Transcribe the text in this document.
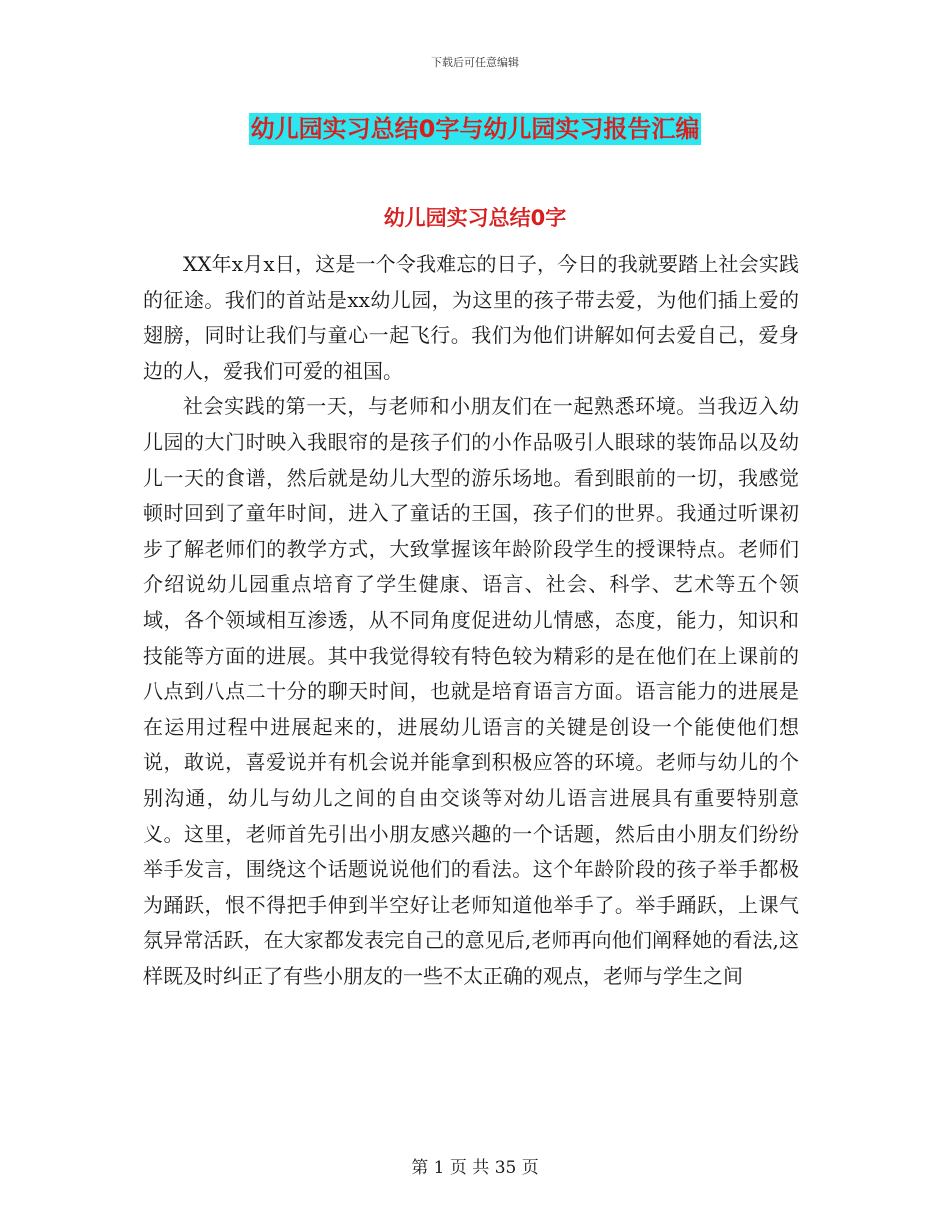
下载后可任意编辑
幼儿园实习总结0字与幼儿园实习报告汇编
幼儿园实习总结0字

XX年x月x日，这是一个令我难忘的日子，今日的我就要踏上社会实践的征途。我们的首站是xx幼儿园，为这里的孩子带去爱，为他们插上爱的翅膀，同时让我们与童心一起飞行。我们为他们讲解如何去爱自己，爱身边的人，爱我们可爱的祖国。

社会实践的第一天，与老师和小朋友们在一起熟悉环境。当我迈入幼儿园的大门时映入我眼帘的是孩子们的小作品吸引人眼球的装饰品以及幼儿一天的食谱，然后就是幼儿大型的游乐场地。看到眼前的一切，我感觉顿时回到了童年时间，进入了童话的王国，孩子们的世界。我通过听课初步了解老师们的教学方式，大致掌握该年龄阶段学生的授课特点。老师们介绍说幼儿园重点培育了学生健康、语言、社会、科学、艺术等五个领域，各个领域相互渗透，从不同角度促进幼儿情感，态度，能力，知识和技能等方面的进展。其中我觉得较有特色较为精彩的是在他们在上课前的八点到八点二十分的聊天时间，也就是培育语言方面。语言能力的进展是在运用过程中进展起来的，进展幼儿语言的关键是创设一个能使他们想说，敢说，喜爱说并有机会说并能拿到积极应答的环境。老师与幼儿的个别沟通，幼儿与幼儿之间的自由交谈等对幼儿语言进展具有重要特别意义。这里，老师首先引出小朋友感兴趣的一个话题，然后由小朋友们纷纷举手发言，围绕这个话题说说他们的看法。这个年龄阶段的孩子举手都极为踊跃，恨不得把手伸到半空好让老师知道他举手了。举手踊跃，上课气氛异常活跃，在大家都发表完自己的意见后,老师再向他们阐释她的看法,这样既及时纠正了有些小朋友的一些不太正确的观点，老师与学生之间

第 1 页 共 35 页
